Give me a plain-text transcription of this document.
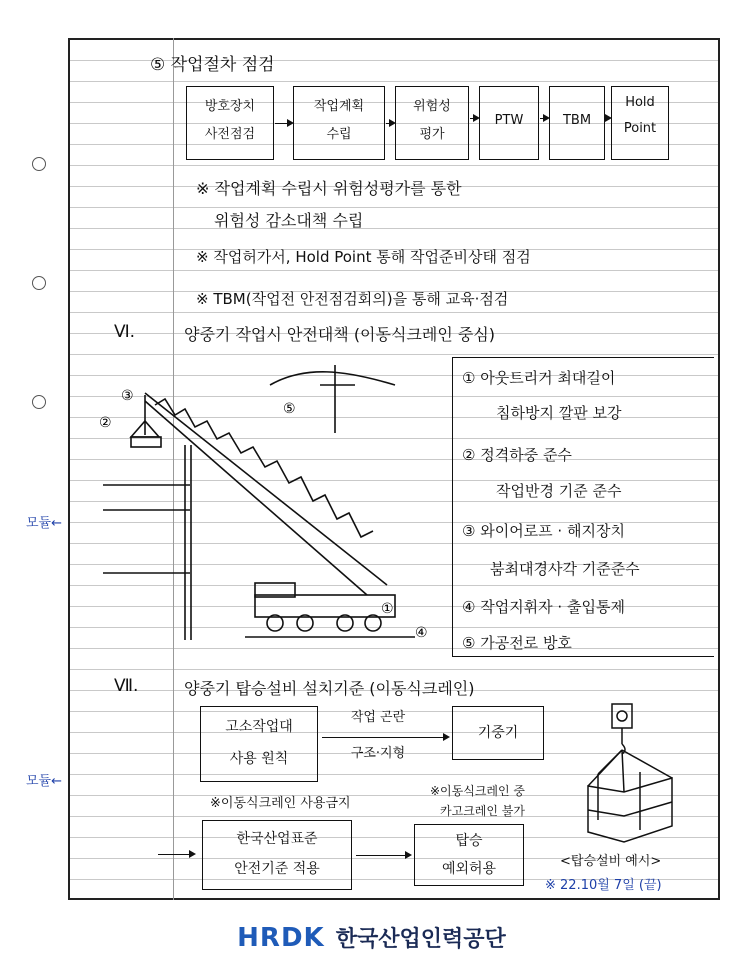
⑤ 작업절차 점검
방호장치
사전점검
작업계획
수립
위험성
평가
PTW	TBM
Hold
Point
※ 작업계획 수립시 위험성평가를 통한
위험성 감소대책 수립
※ 작업허가서, Hold Point 통해 작업준비상태 점검
※ TBM(작업전 안전점검회의)을 통해 교육·점검
Ⅵ.	양중기 작업시 안전대책 (이동식크레인 중심)
③
②
⑤
①
④
① 아웃트리거 최대길이
침하방지 깔판 보강
② 정격하중 준수
작업반경 기준 준수
③ 와이어로프 · 해지장치
붐최대경사각 기준준수
④ 작업지휘자 · 출입통제
⑤ 가공전로 방호
Ⅶ.	양중기 탑승설비 설치기준 (이동식크레인)
고소작업대
사용 원칙
작업 곤란
구조·지형
기중기
※이동식크레인 사용금지
※이동식크레인 중
카고크레인 불가
한국산업표준
안전기준 적용
탑승
예외허용	<탑승설비 예시>
※ 22.10월 7일 (끝)
모듈←
모듈←
HRDK 한국산업인력공단
